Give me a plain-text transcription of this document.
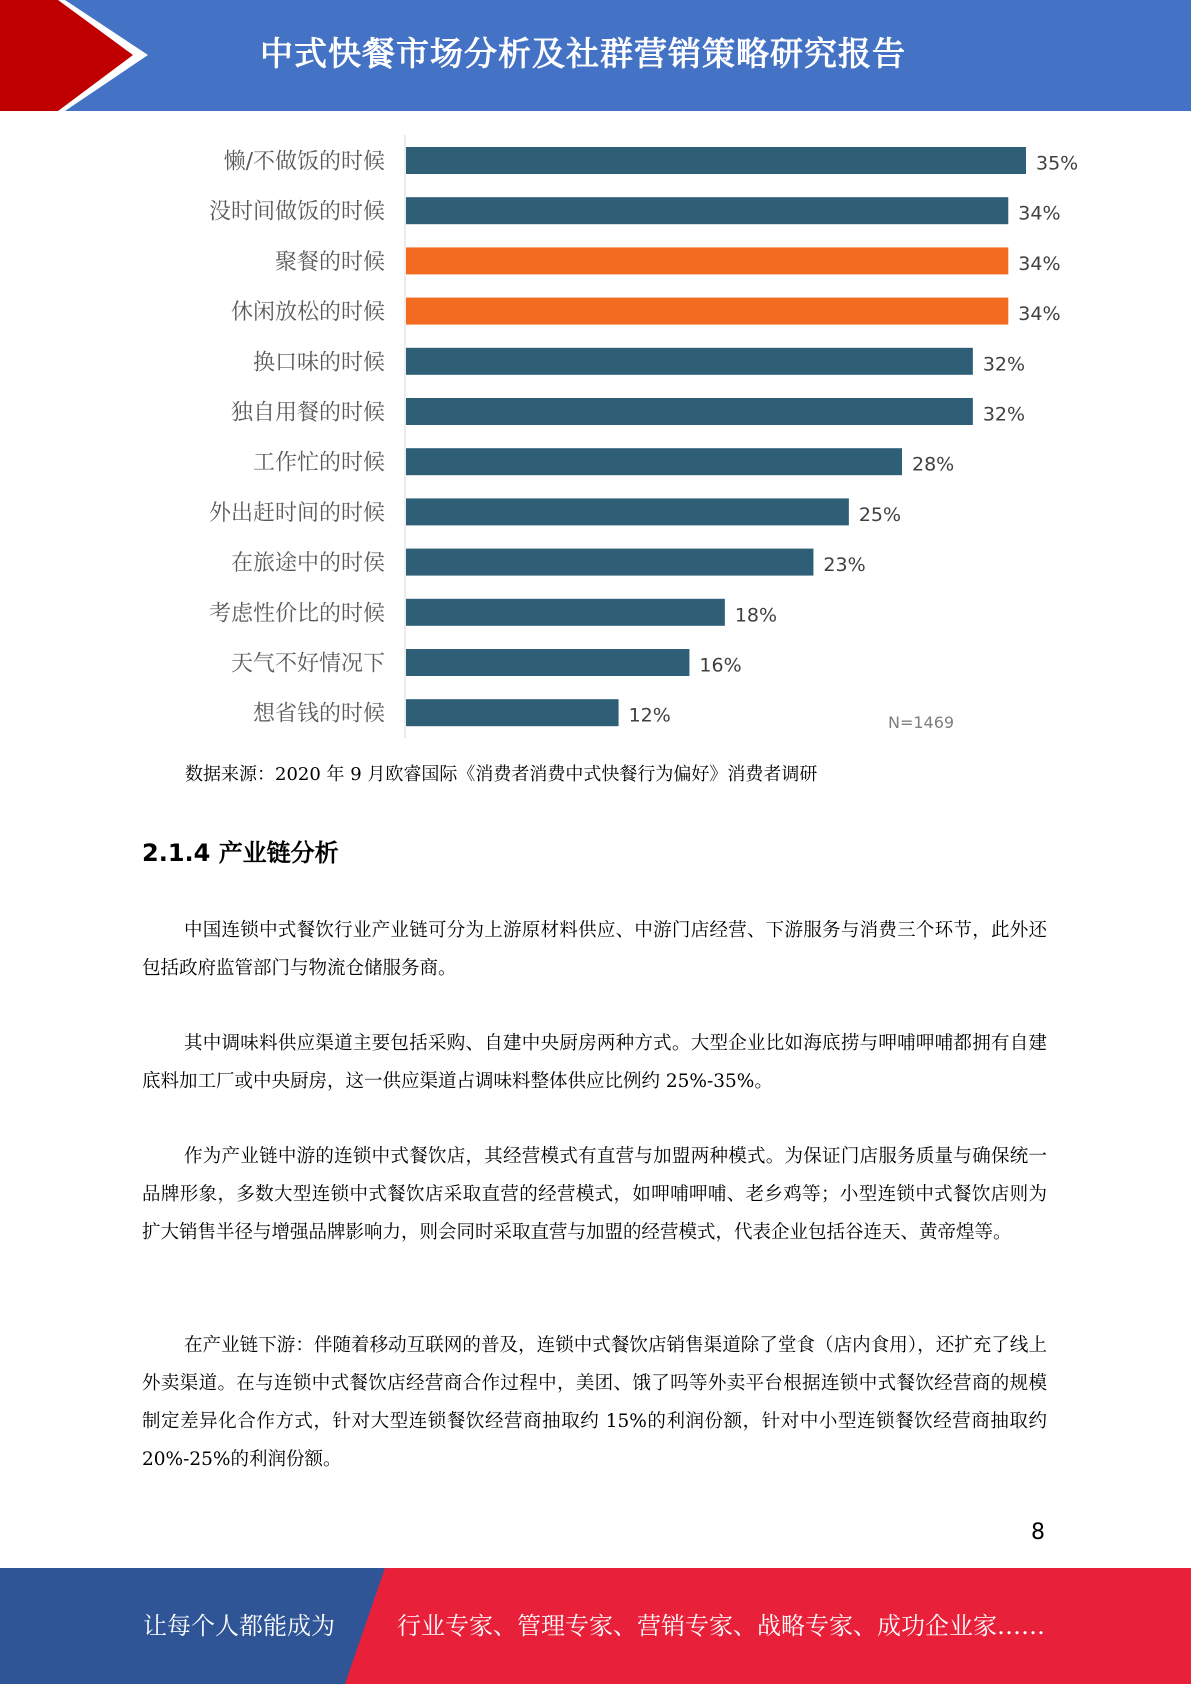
中式快餐市场分析及社群营销策略研究报告
懒/不做饭的时候	35%
没时间做饭的时候	34%
聚餐的时候	34%
休闲放松的时候	34%
换口味的时候	32%
独自用餐的时候	32%
工作忙的时候	28%
外出赶时间的时候	25%
在旅途中的时侯	23%
考虑性价比的时候	18%
天气不好情况下	16%
想省钱的时候	12%	N=1469
数据来源：2020 年 9 月欧睿国际《消费者消费中式快餐行为偏好》消费者调研
2.1.4 产业链分析

中国连锁中式餐饮行业产业链可分为上游原材料供应、中游门店经营、下游服务与消费三个环节，此外还包括政府监管部门与物流仓储服务商。

其中调味料供应渠道主要包括采购、自建中央厨房两种方式。大型企业比如海底捞与呷哺呷哺都拥有自建底料加工厂或中央厨房，这一供应渠道占调味料整体供应比例约 25%-35%。

作为产业链中游的连锁中式餐饮店，其经营模式有直营与加盟两种模式。为保证门店服务质量与确保统一品牌形象，多数大型连锁中式餐饮店采取直营的经营模式，如呷哺呷哺、老乡鸡等；小型连锁中式餐饮店则为扩大销售半径与增强品牌影响力，则会同时采取直营与加盟的经营模式，代表企业包括谷连天、黄帝煌等。

在产业链下游：伴随着移动互联网的普及，连锁中式餐饮店销售渠道除了堂食（店内食用），还扩充了线上外卖渠道。在与连锁中式餐饮店经营商合作过程中，美团、饿了吗等外卖平台根据连锁中式餐饮经营商的规模制定差异化合作方式，针对大型连锁餐饮经营商抽取约 15%的利润份额，针对中小型连锁餐饮经营商抽取约 20%-25%的利润份额。

8
让每个人都能成为	行业专家、管理专家、营销专家、战略专家、成功企业家……
